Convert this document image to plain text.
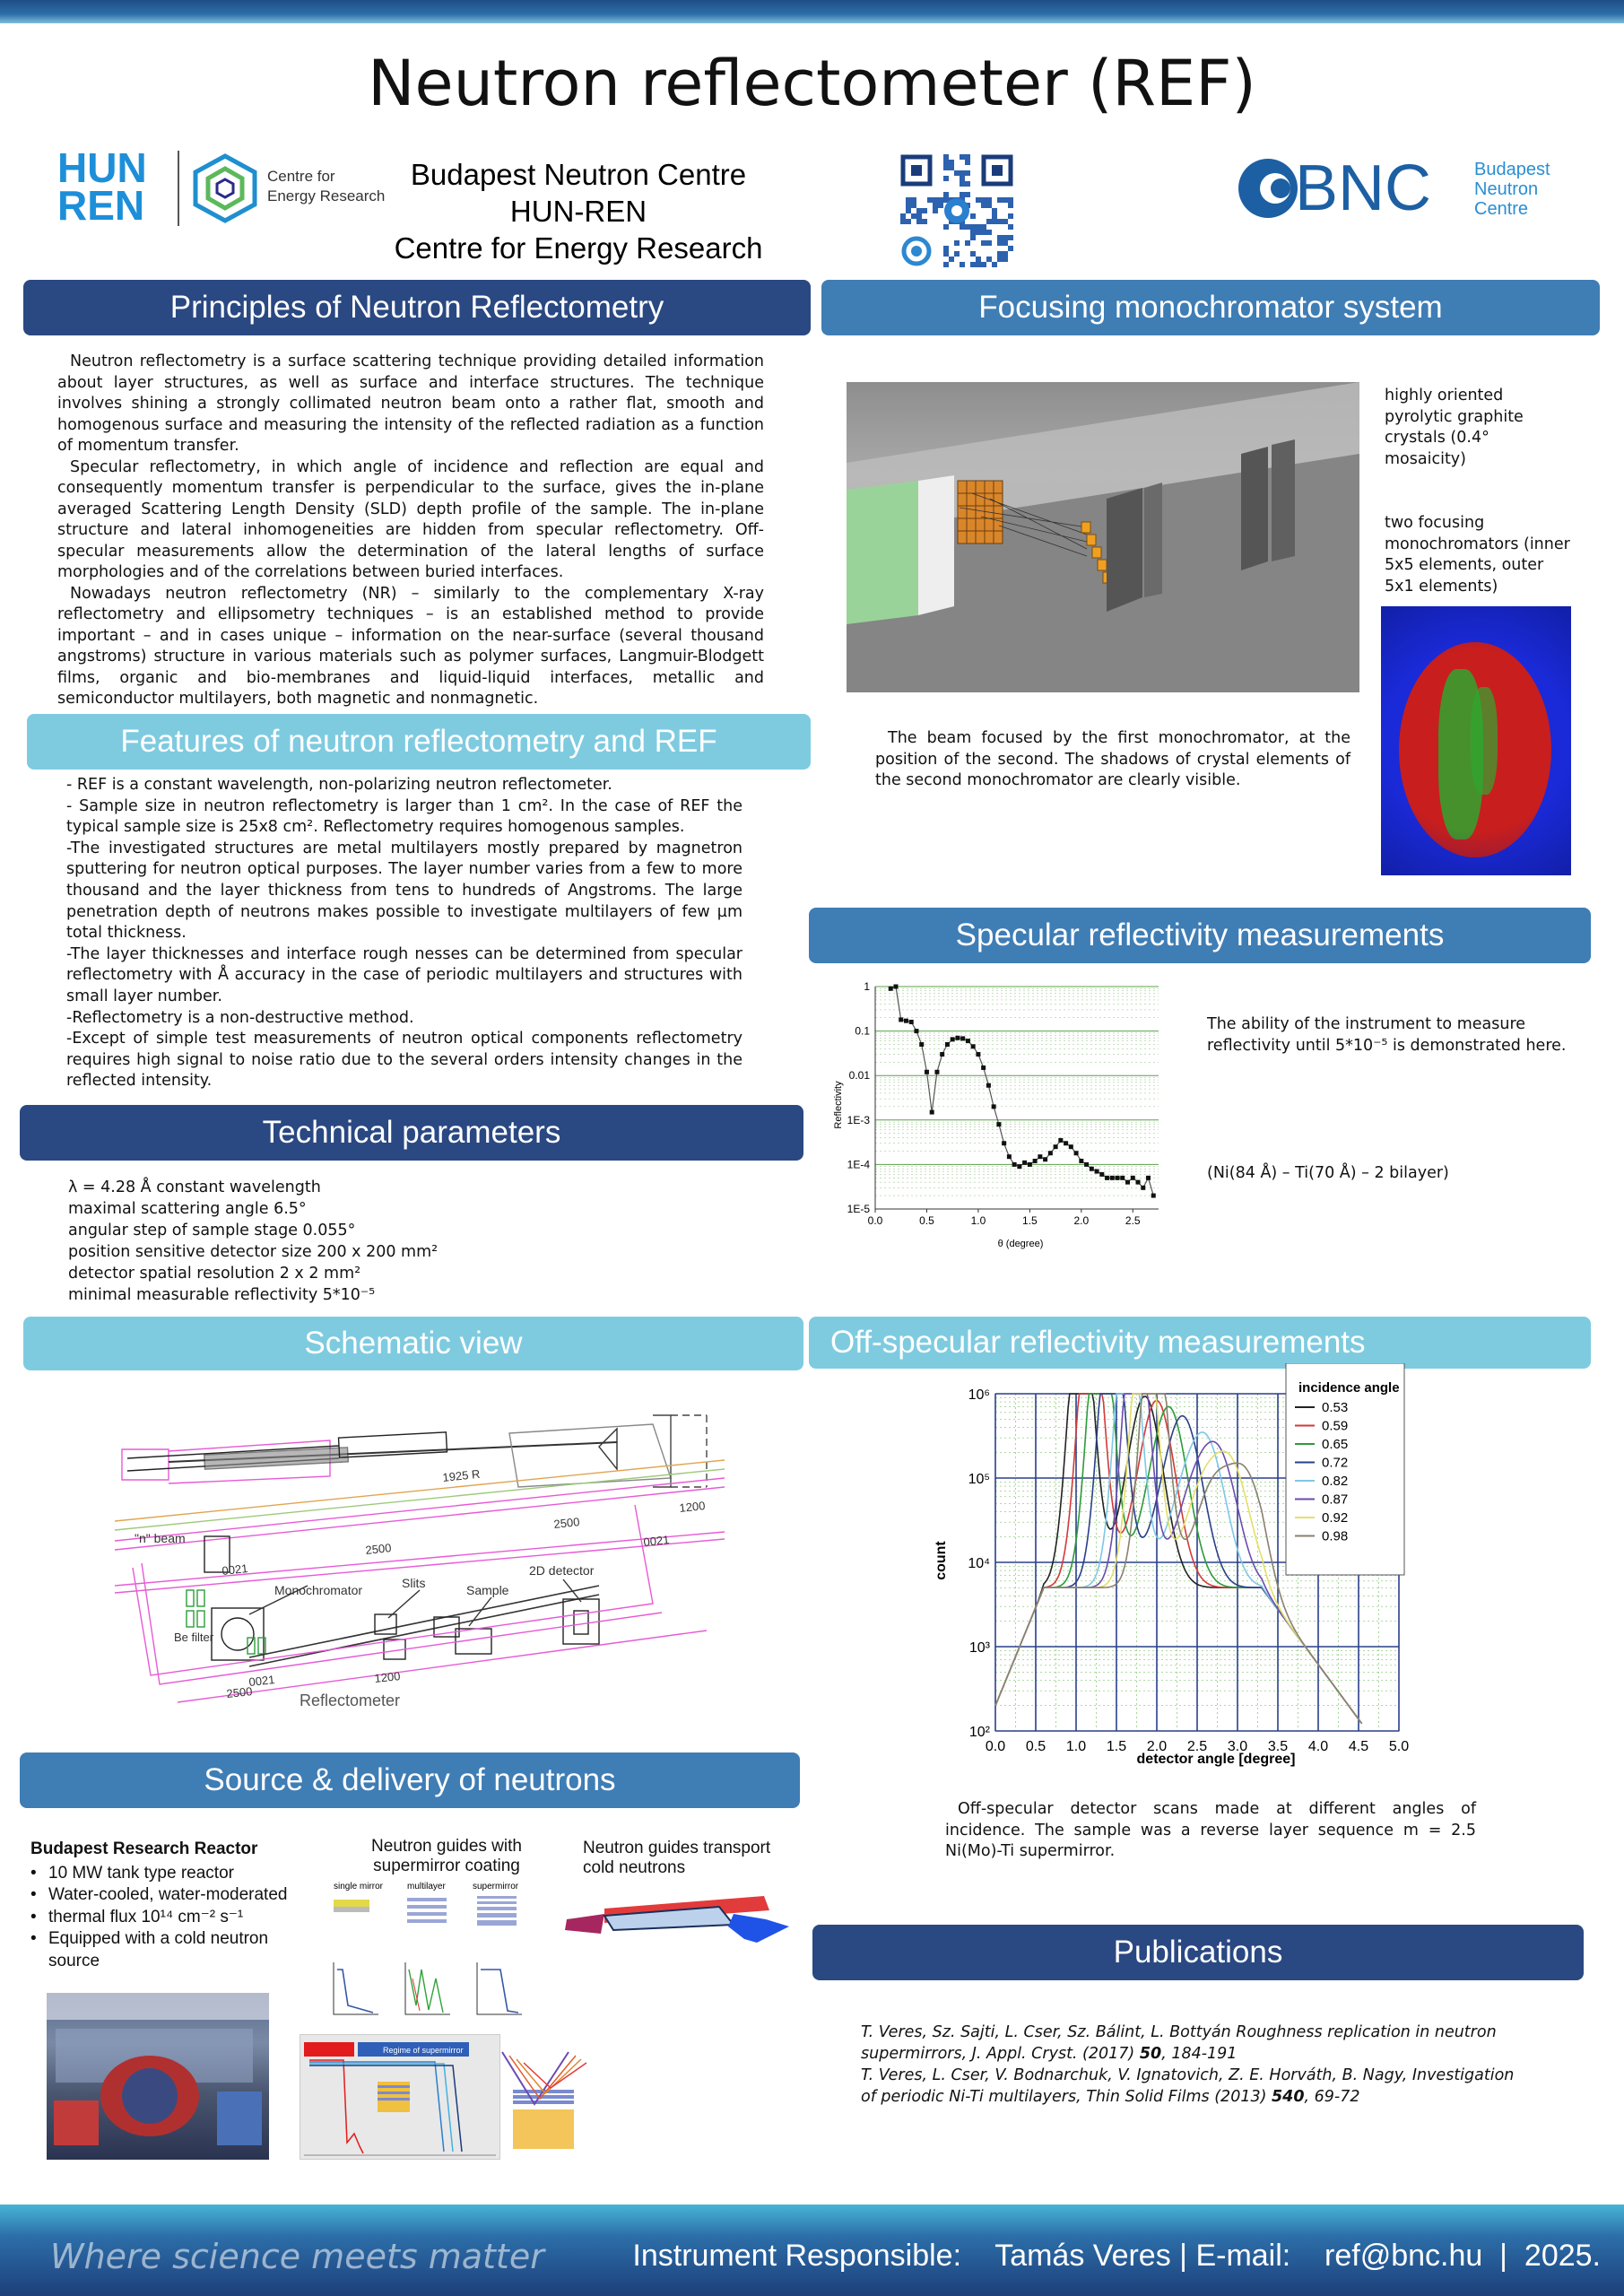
Neutron reflectometer (REF)
HUN
REN
Centre for
Energy Research
Budapest Neutron Centre
HUN-REN
Centre for Energy Research
BNC Budapest
Neutron
Centre
Principles of Neutron Reflectometry

Neutron reflectometry is a surface scattering technique providing detailed information about layer structures, as well as surface and interface structures. The technique involves shining a strongly collimated neutron beam onto a rather flat, smooth and homogenous surface and measuring the intensity of the reflected radiation as a function of momentum transfer.

Specular reflectometry, in which angle of incidence and reflection are equal and consequently momentum transfer is perpendicular to the surface, gives the in-plane averaged Scattering Length Density (SLD) depth profile of the sample. The in-plane structure and lateral inhomogeneities are hidden from specular reflectometry. Off-specular measurements allow the determination of the lateral lengths of surface morphologies and of the correlations between buried interfaces.

Nowadays neutron reflectometry (NR) – similarly to the complementary X-ray reflectometry and ellipsometry techniques – is an established method to provide important – and in cases unique – information on the near-surface (several thousand angstroms) structure in various materials such as polymer surfaces, Langmuir-Blodgett films, organic and bio-membranes and liquid-liquid interfaces, metallic and semiconductor multilayers, both magnetic and nonmagnetic.

Features of neutron reflectometry and REF
- REF is a constant wavelength, non-polarizing neutron reflectometer.
- Sample size in neutron reflectometry is larger than 1 cm². In the case of REF the typical sample size is 25x8 cm². Reflectometry requires homogenous samples.
-The investigated structures are metal multilayers mostly prepared by magnetron sputtering for neutron optical purposes. The layer number varies from a few to more thousand and the layer thickness from tens to hundreds of Angstroms. The large penetration depth of neutrons makes possible to investigate multilayers of few µm total thickness.
-The layer thicknesses and interface rough nesses can be determined from specular reflectometry with Å accuracy in the case of periodic multilayers and structures with small layer number.
-Reflectometry is a non-destructive method.
-Except of simple test measurements of neutron optical components reflectometry requires high signal to noise ratio due to the several orders intensity changes in the reflected intensity.
Technical parameters
λ = 4.28 Å constant wavelength
maximal scattering angle 6.5°
angular step of sample stage 0.055°
position sensitive detector size 200 x 200 mm²
detector spatial resolution 2 x 2 mm²
minimal measurable reflectivity 5*10⁻⁵
Schematic view
1925 R
2500
2500
0021
0021
1200
1200
0021
2500
"n" beam
Monochromator	Slits	Sample
2D detector
Be filter
Reflectometer
Source & delivery of neutrons
Budapest Research Reactor
• 10 MW tank type reactor
• Water-cooled, water-moderated
• thermal flux 10¹⁴ cm⁻² s⁻¹
• Equipped with a cold neutron source
Neutron guides with supermirror coating
single mirror	multilayer	supermirror
Regime of supermirror
Neutron guides transport cold neutrons
Focusing monochromator system
highly oriented pyrolytic graphite crystals (0.4° mosaicity)
two focusing monochromators (inner 5x5 elements, outer 5x1 elements)

The beam focused by the first monochromator, at the position of the second. The shadows of crystal elements of the second monochromator are clearly visible.

Specular reflectivity measurements
0.0	0.5	1.0	1.5	2.0	2.5
1
0.1
0.01
1E-3
1E-4
1E-5
θ (degree)
Reflectivity
The ability of the instrument to measure reflectivity until 5*10⁻⁵ is demonstrated here.
(Ni(84 Å) – Ti(70 Å) – 2 bilayer)
Off-specular reflectivity measurements
0.0 0.5 1.0 1.5 2.0 2.5 3.0 3.5 4.0 4.5 5.0
10²
10³
10⁴
10⁵
10⁶
detector angle [degree]
count
incidence angle
0.53
0.59
0.65
0.72
0.82
0.87
0.92
0.98

Off-specular detector scans made at different angles of incidence. The sample was a reverse layer sequence m = 2.5 Ni(Mo)-Ti supermirror.

Publications
T. Veres, Sz. Sajti, L. Cser, Sz. Bálint, L. Bottyán Roughness replication in neutron supermirrors, J. Appl. Cryst. (2017) 50, 184-191
T. Veres, L. Cser, V. Bodnarchuk, V. Ignatovich, Z. E. Horváth, B. Nagy, Investigation of periodic Ni-Ti multilayers, Thin Solid Films (2013) 540, 69-72
Where science meets matter	Instrument Responsible:    Tamás Veres | E-mail:    ref@bnc.hu  |  2025.
